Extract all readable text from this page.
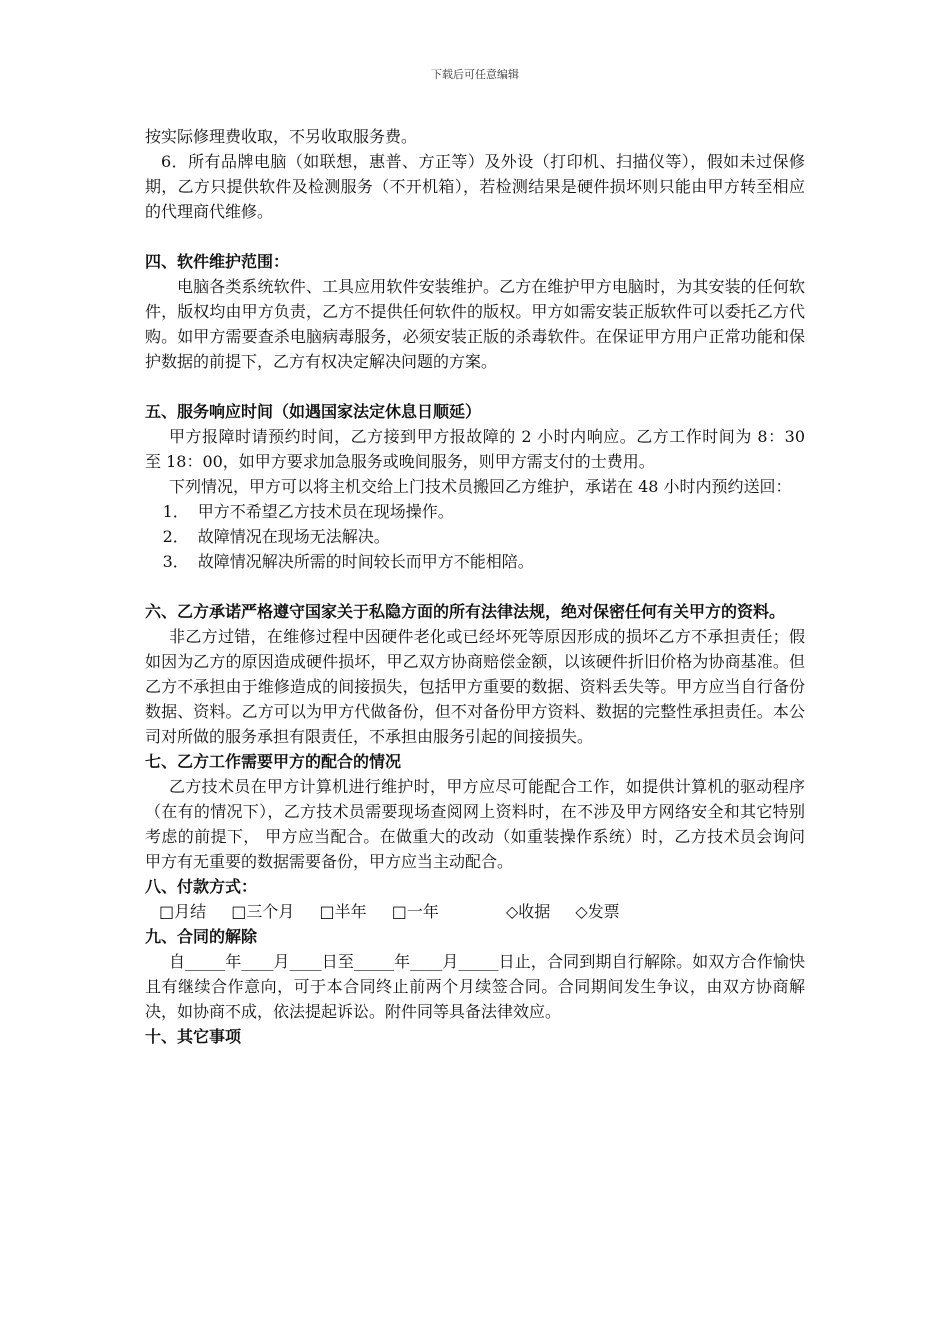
下载后可任意编辑

按实际修理费收取，不另收取服务费。

6．所有品牌电脑（如联想，惠普、方正等）及外设（打印机、扫描仪等），假如未过保修期，乙方只提供软件及检测服务（不开机箱），若检测结果是硬件损坏则只能由甲方转至相应的代理商代维修。

四、软件维护范围：

电脑各类系统软件、工具应用软件安装维护。乙方在维护甲方电脑时，为其安装的任何软件，版权均由甲方负责，乙方不提供任何软件的版权。甲方如需安装正版软件可以委托乙方代购。如甲方需要查杀电脑病毒服务，必须安装正版的杀毒软件。在保证甲方用户正常功能和保护数据的前提下，乙方有权决定解决问题的方案。

五、服务响应时间（如遇国家法定休息日顺延）

甲方报障时请预约时间，乙方接到甲方报故障的 2 小时内响应。乙方工作时间为 8：30 至 18：00，如甲方要求加急服务或晚间服务，则甲方需支付的士费用。

下列情况，甲方可以将主机交给上门技术员搬回乙方维护，承诺在 48 小时内预约送回：

1． 甲方不希望乙方技术员在现场操作。

2． 故障情况在现场无法解决。

3． 故障情况解决所需的时间较长而甲方不能相陪。

六、乙方承诺严格遵守国家关于私隐方面的所有法律法规，绝对保密任何有关甲方的资料。

非乙方过错，在维修过程中因硬件老化或已经坏死等原因形成的损坏乙方不承担责任；假如因为乙方的原因造成硬件损坏，甲乙双方协商赔偿金额，以该硬件折旧价格为协商基准。但乙方不承担由于维修造成的间接损失，包括甲方重要的数据、资料丢失等。甲方应当自行备份数据、资料。乙方可以为甲方代做备份，但不对备份甲方资料、数据的完整性承担责任。本公司对所做的服务承担有限责任，不承担由服务引起的间接损失。

七、乙方工作需要甲方的配合的情况

乙方技术员在甲方计算机进行维护时，甲方应尽可能配合工作，如提供计算机的驱动程序（在有的情况下），乙方技术员需要现场查阅网上资料时，在不涉及甲方网络安全和其它特别考虑的前提下， 甲方应当配合。在做重大的改动（如重装操作系统）时，乙方技术员会询问甲方有无重要的数据需要备份，甲方应当主动配合。

八、付款方式：

□月结 □三个月 □半年 □一年	◇收据 ◇发票

九、合同的解除

自_____年____月____日至_____年____月_____日止，合同到期自行解除。如双方合作愉快且有继续合作意向，可于本合同终止前两个月续签合同。合同期间发生争议，由双方协商解决，如协商不成，依法提起诉讼。附件同等具备法律效应。

十、其它事项
